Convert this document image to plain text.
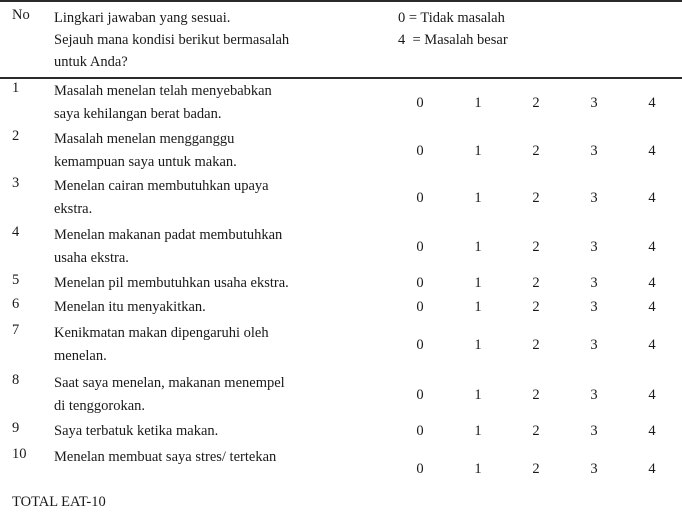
No Lingkari jawaban yang sesuai.
Sejauh mana kondisi berikut bermasalah
untuk Anda?
0 = Tidak masalah
4  = Masalah besar
1 Masalah menelan telah menyebabkan
saya kehilangan berat badan.
0	1	2	3	4
2 Masalah menelan mengganggu
kemampuan saya untuk makan.
0	1	2	3	4
3 Menelan cairan membutuhkan upaya
ekstra.
0	1	2	3	4
4 Menelan makanan padat membutuhkan
usaha ekstra.
0	1	2	3	4
5 Menelan pil membutuhkan usaha ekstra.	0	1	2	3	4
6 Menelan itu menyakitkan.	0	1	2	3	4
7 Kenikmatan makan dipengaruhi oleh
menelan.
0	1	2	3	4
8 Saat saya menelan, makanan menempel
di tenggorokan.
0	1	2	3	4
9 Saya terbatuk ketika makan.	0	1	2	3	4
10 Menelan membuat saya stres/ tertekan
0	1	2	3	4
TOTAL EAT-10
